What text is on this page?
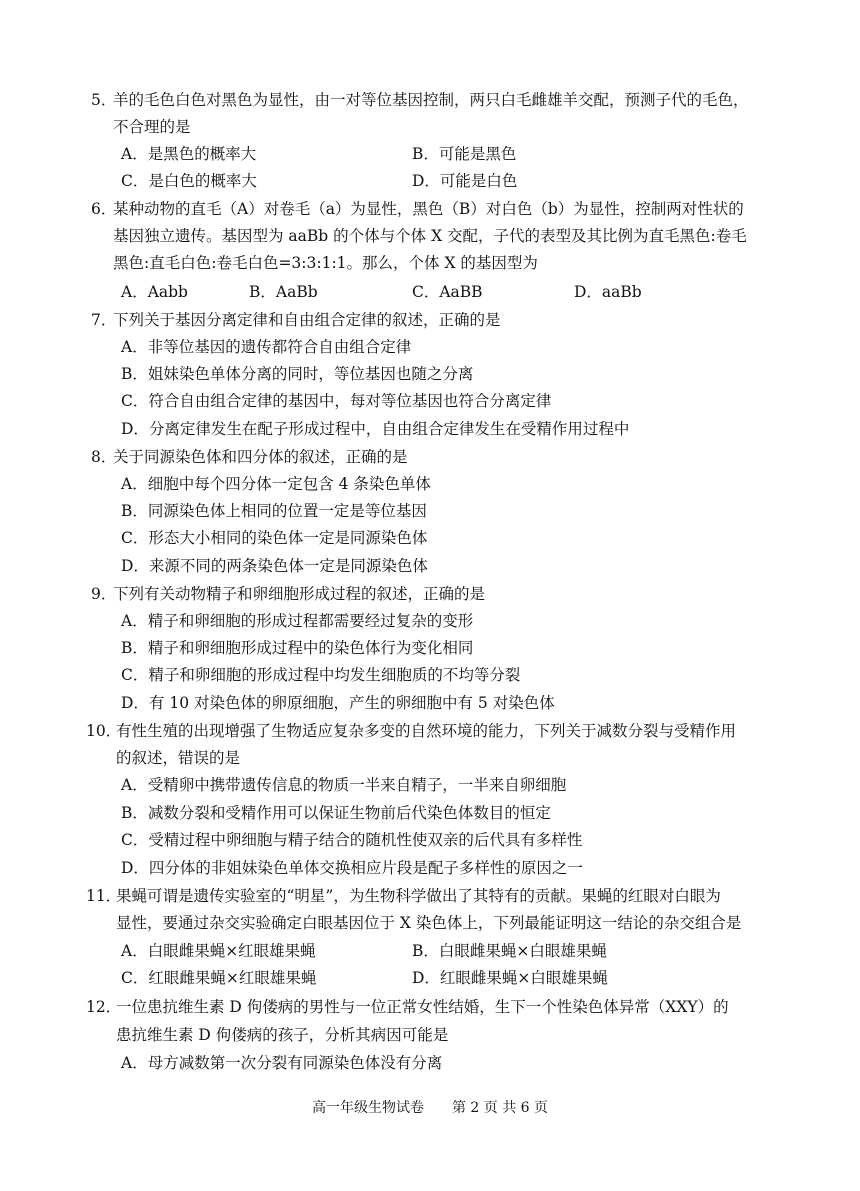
5．
羊的毛色白色对黑色为显性，由一对等位基因控制，两只白毛雌雄羊交配，预测子代的毛色，
不合理的是
A．是黑色的概率大	B．可能是黑色
C．是白色的概率大	D．可能是白色
6．
某种动物的直毛（A）对卷毛（a）为显性，黑色（B）对白色（b）为显性，控制两对性状的
基因独立遗传。基因型为 aaBb 的个体与个体 X 交配，子代的表型及其比例为直毛黑色:卷毛
黑色:直毛白色:卷毛白色=3:3:1:1。那么，个体 X 的基因型为
A．Aabb	B．AaBb	C．AaBB	D．aaBb
7．
下列关于基因分离定律和自由组合定律的叙述，正确的是
A．非等位基因的遗传都符合自由组合定律
B．姐妹染色单体分离的同时，等位基因也随之分离
C．符合自由组合定律的基因中，每对等位基因也符合分离定律
D．分离定律发生在配子形成过程中，自由组合定律发生在受精作用过程中
8．
关于同源染色体和四分体的叙述，正确的是
A．细胞中每个四分体一定包含 4 条染色单体
B．同源染色体上相同的位置一定是等位基因
C．形态大小相同的染色体一定是同源染色体
D．来源不同的两条染色体一定是同源染色体
9．
下列有关动物精子和卵细胞形成过程的叙述，正确的是
A．精子和卵细胞的形成过程都需要经过复杂的变形
B．精子和卵细胞形成过程中的染色体行为变化相同
C．精子和卵细胞的形成过程中均发生细胞质的不均等分裂
D．有 10 对染色体的卵原细胞，产生的卵细胞中有 5 对染色体
10．
有性生殖的出现增强了生物适应复杂多变的自然环境的能力，下列关于减数分裂与受精作用
的叙述，错误的是
A．受精卵中携带遗传信息的物质一半来自精子，一半来自卵细胞
B．减数分裂和受精作用可以保证生物前后代染色体数目的恒定
C．受精过程中卵细胞与精子结合的随机性使双亲的后代具有多样性
D．四分体的非姐妹染色单体交换相应片段是配子多样性的原因之一
11．
果蝇可谓是遗传实验室的“明星”，为生物科学做出了其特有的贡献。果蝇的红眼对白眼为
显性，要通过杂交实验确定白眼基因位于 X 染色体上，下列最能证明这一结论的杂交组合是
A．白眼雌果蝇×红眼雄果蝇	B．白眼雌果蝇×白眼雄果蝇
C．红眼雌果蝇×红眼雄果蝇	D．红眼雌果蝇×白眼雄果蝇
12．
一位患抗维生素 D 佝偻病的男性与一位正常女性结婚，生下一个性染色体异常（XXY）的
患抗维生素 D 佝偻病的孩子，分析其病因可能是
A．母方减数第一次分裂有同源染色体没有分离
高一年级生物试卷　　第 2 页 共 6 页
